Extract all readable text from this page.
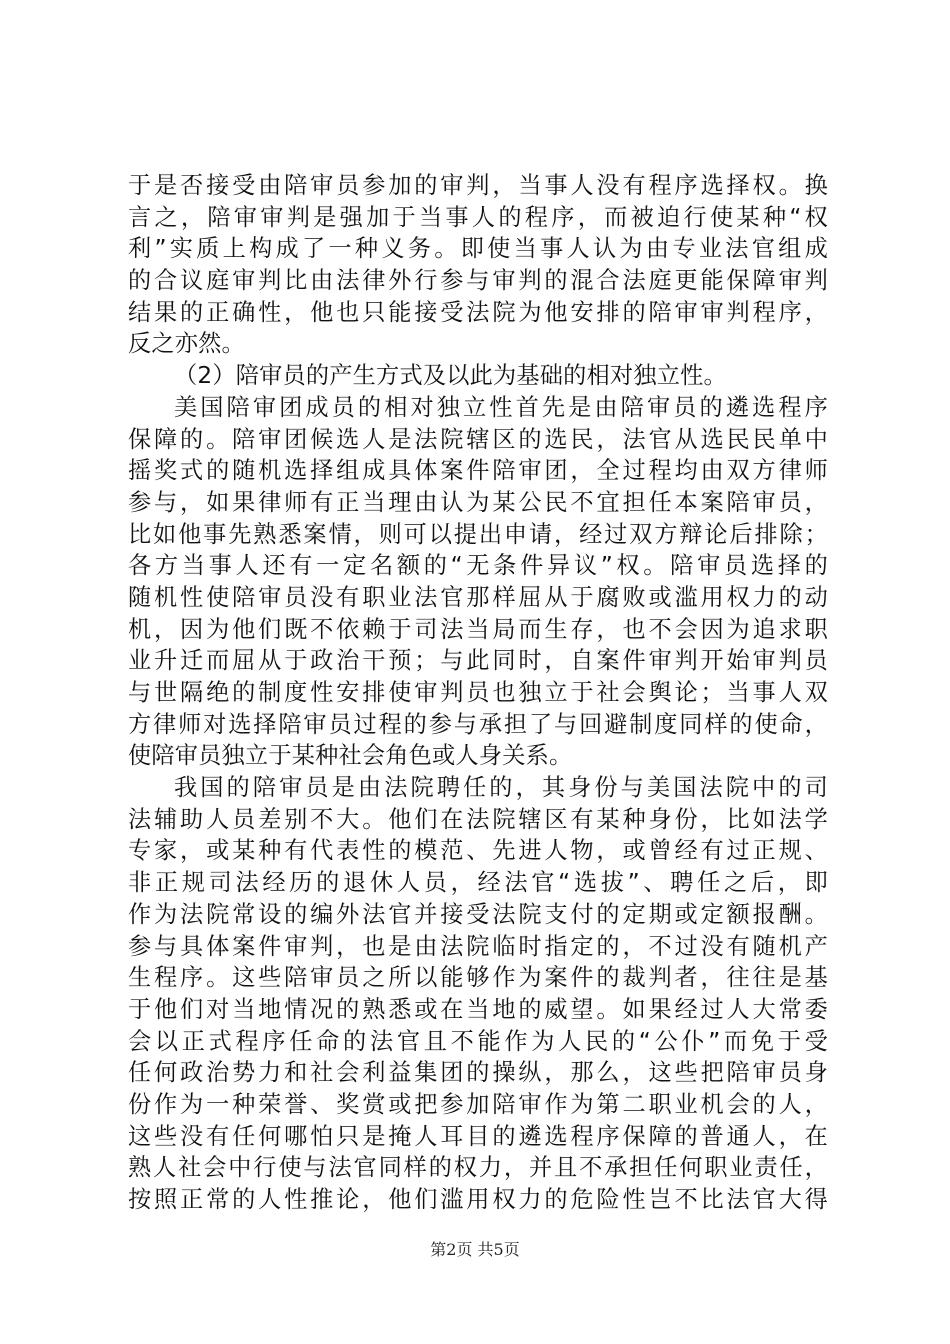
于是否接受由陪审员参加的审判，当事人没有程序选择权。换
言之，陪审审判是强加于当事人的程序，而被迫行使某种“权
利”实质上构成了一种义务。即使当事人认为由专业法官组成
的合议庭审判比由法律外行参与审判的混合法庭更能保障审判
结果的正确性，他也只能接受法院为他安排的陪审审判程序，
反之亦然。
（2）陪审员的产生方式及以此为基础的相对独立性。
美国陪审团成员的相对独立性首先是由陪审员的遴选程序
保障的。陪审团候选人是法院辖区的选民，法官从选民民单中
摇奖式的随机选择组成具体案件陪审团，全过程均由双方律师
参与，如果律师有正当理由认为某公民不宜担任本案陪审员，
比如他事先熟悉案情，则可以提出申请，经过双方辩论后排除；
各方当事人还有一定名额的“无条件异议”权。陪审员选择的
随机性使陪审员没有职业法官那样屈从于腐败或滥用权力的动
机，因为他们既不依赖于司法当局而生存，也不会因为追求职
业升迁而屈从于政治干预；与此同时，自案件审判开始审判员
与世隔绝的制度性安排使审判员也独立于社会舆论；当事人双
方律师对选择陪审员过程的参与承担了与回避制度同样的使命，
使陪审员独立于某种社会角色或人身关系。
我国的陪审员是由法院聘任的，其身份与美国法院中的司
法辅助人员差别不大。他们在法院辖区有某种身份，比如法学
专家，或某种有代表性的模范、先进人物，或曾经有过正规、
非正规司法经历的退休人员，经法官“选拔”、聘任之后，即
作为法院常设的编外法官并接受法院支付的定期或定额报酬。
参与具体案件审判，也是由法院临时指定的，不过没有随机产
生程序。这些陪审员之所以能够作为案件的裁判者，往往是基
于他们对当地情况的熟悉或在当地的威望。如果经过人大常委
会以正式程序任命的法官且不能作为人民的“公仆”而免于受
任何政治势力和社会利益集团的操纵，那么，这些把陪审员身
份作为一种荣誉、奖赏或把参加陪审作为第二职业机会的人，
这些没有任何哪怕只是掩人耳目的遴选程序保障的普通人，在
熟人社会中行使与法官同样的权力，并且不承担任何职业责任，
按照正常的人性推论，他们滥用权力的危险性岂不比法官大得
第2页 共5页
